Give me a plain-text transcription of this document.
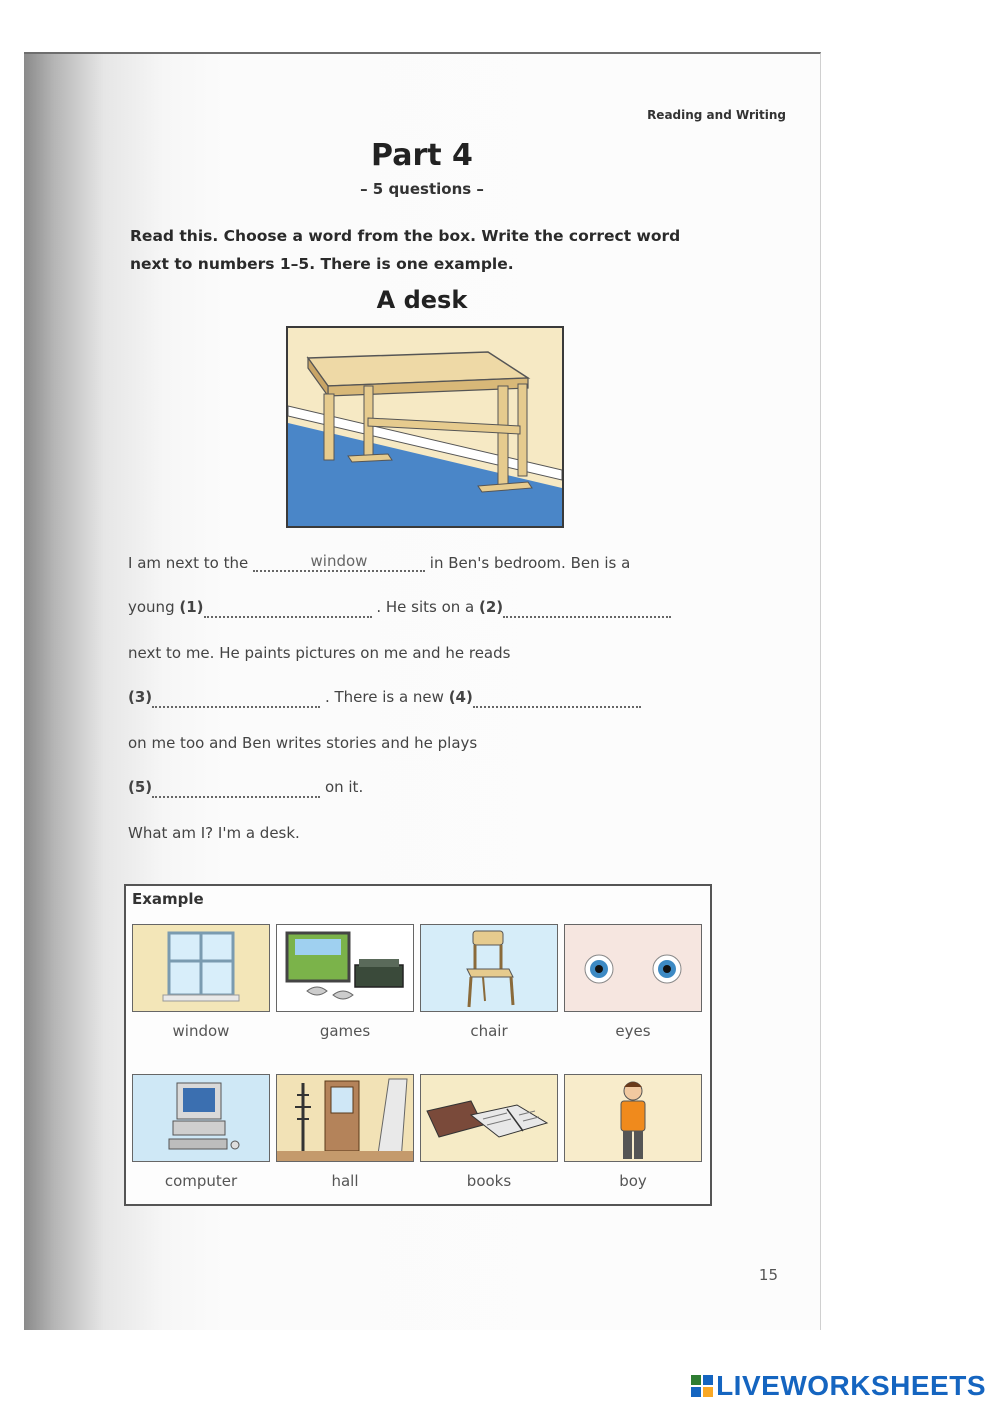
Reading and Writing
Part 4
– 5 questions –
Read this. Choose a word from the box. Write the correct word next to numbers 1–5. There is one example.
A desk
I am next to the	window	in Ben's bedroom. Ben is a
young (1)	. He sits on a (2)
next to me. He paints pictures on me and he reads
(3)	. There is a new (4)
on me too and Ben writes stories and he plays
(5)	on it.
What am I? I'm a desk.
Example
window	games	chair	eyes
computer	hall	books	boy
15
LIVEWORKSHEETS
